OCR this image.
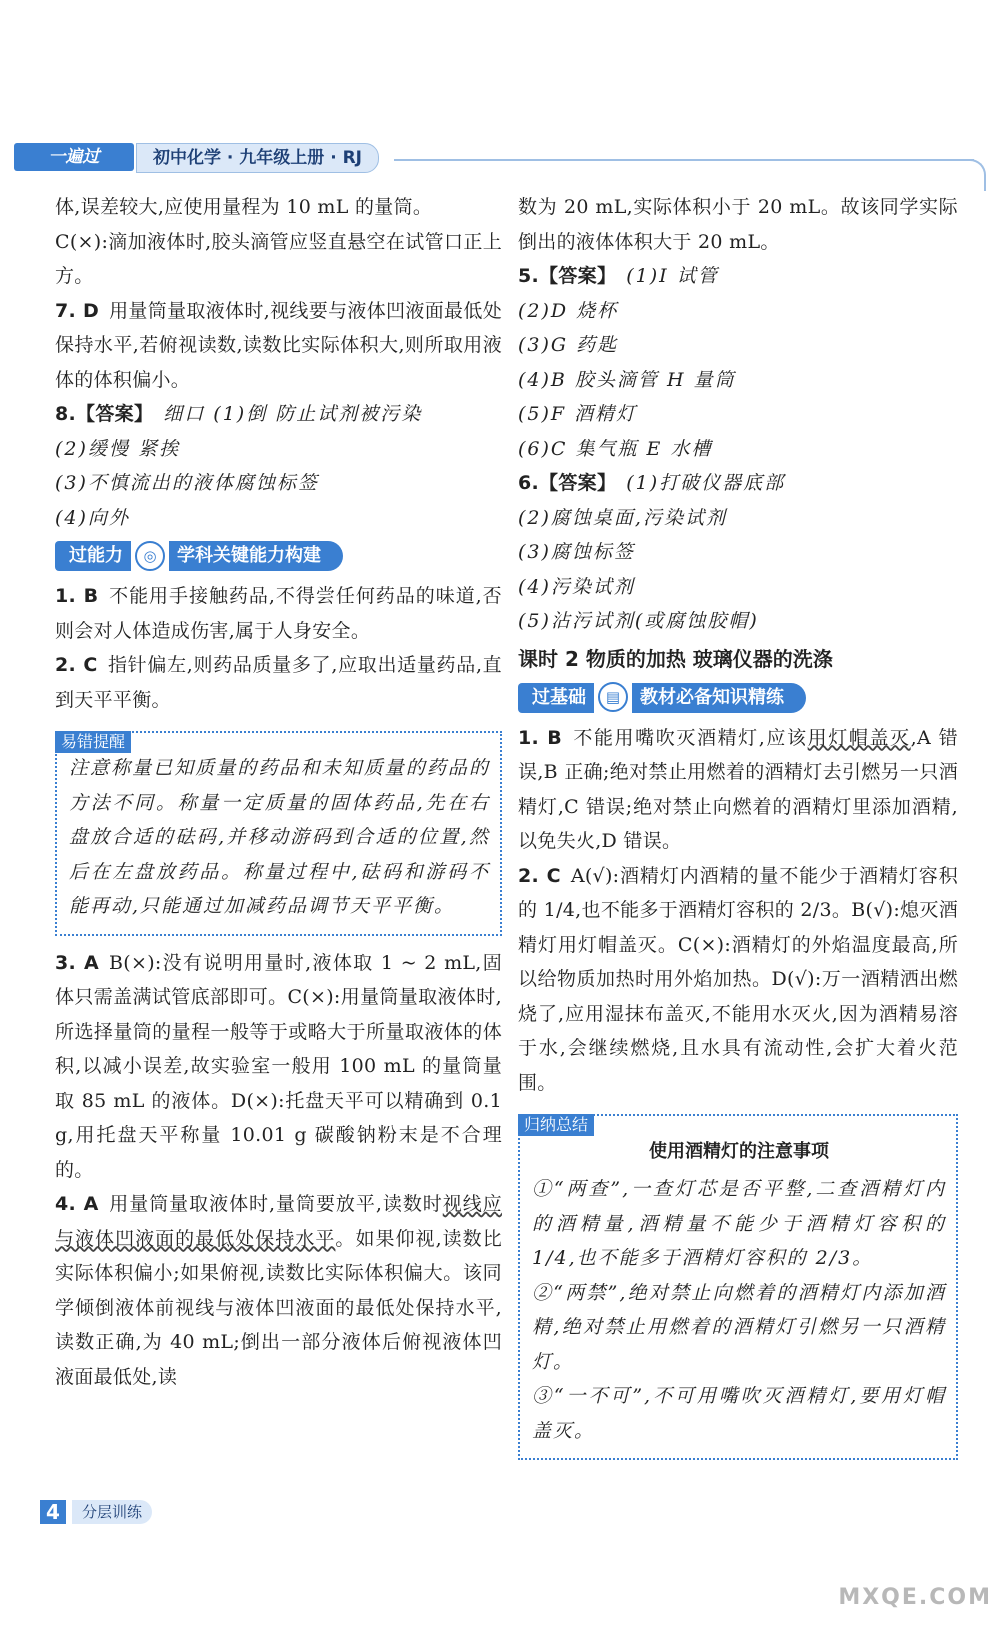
一遍过	初中化学 · 九年级上册 · RJ

体,误差较大,应使用量程为 10 mL 的量筒。

C(×):滴加液体时,胶头滴管应竖直悬空在试管口正上方。

7. D 用量筒量取液体时,视线要与液体凹液面最低处保持水平,若俯视读数,读数比实际体积大,则所取用液体的体积偏小。

8.【答案】 细口 (1)倒 防止试剂被污染

(2)缓慢 紧挨

(3)不慎流出的液体腐蚀标签

(4)向外

过能力 ◎ 学科关键能力构建

1. B 不能用手接触药品,不得尝任何药品的味道,否则会对人体造成伤害,属于人身安全。

2. C 指针偏左,则药品质量多了,应取出适量药品,直到天平平衡。

易错提醒

注意称量已知质量的药品和未知质量的药品的方法不同。称量一定质量的固体药品,先在右盘放合适的砝码,并移动游码到合适的位置,然后在左盘放药品。称量过程中,砝码和游码不能再动,只能通过加减药品调节天平平衡。

3. A B(×):没有说明用量时,液体取 1 ~ 2 mL,固体只需盖满试管底部即可。C(×):用量筒量取液体时,所选择量筒的量程一般等于或略大于所量取液体的体积,以减小误差,故实验室一般用 100 mL 的量筒量取 85 mL 的液体。D(×):托盘天平可以精确到 0.1 g,用托盘天平称量 10.01 g 碳酸钠粉末是不合理的。

4. A 用量筒量取液体时,量筒要放平,读数时视线应与液体凹液面的最低处保持水平。如果仰视,读数比实际体积偏小;如果俯视,读数比实际体积偏大。该同学倾倒液体前视线与液体凹液面的最低处保持水平,读数正确,为 40 mL;倒出一部分液体后俯视液体凹液面最低处,读

数为 20 mL,实际体积小于 20 mL。故该同学实际倒出的液体体积大于 20 mL。

5.【答案】 (1)I 试管

(2)D 烧杯

(3)G 药匙

(4)B 胶头滴管 H 量筒

(5)F 酒精灯

(6)C 集气瓶 E 水槽

6.【答案】 (1)打破仪器底部

(2)腐蚀桌面,污染试剂

(3)腐蚀标签

(4)污染试剂

(5)沾污试剂(或腐蚀胶帽)

课时 2 物质的加热 玻璃仪器的洗涤
过基础 ▤ 教材必备知识精练

1. B 不能用嘴吹灭酒精灯,应该用灯帽盖灭,A 错误,B 正确;绝对禁止用燃着的酒精灯去引燃另一只酒精灯,C 错误;绝对禁止向燃着的酒精灯里添加酒精,以免失火,D 错误。

2. C A(√):酒精灯内酒精的量不能少于酒精灯容积的 1/4,也不能多于酒精灯容积的 2/3。B(√):熄灭酒精灯用灯帽盖灭。C(×):酒精灯的外焰温度最高,所以给物质加热时用外焰加热。D(√):万一酒精洒出燃烧了,应用湿抹布盖灭,不能用水灭火,因为酒精易溶于水,会继续燃烧,且水具有流动性,会扩大着火范围。

归纳总结
使用酒精灯的注意事项

①“两查”,一查灯芯是否平整,二查酒精灯内的酒精量,酒精量不能少于酒精灯容积的 1/4,也不能多于酒精灯容积的 2/3。

②“两禁”,绝对禁止向燃着的酒精灯内添加酒精,绝对禁止用燃着的酒精灯引燃另一只酒精灯。

③“一不可”,不可用嘴吹灭酒精灯,要用灯帽盖灭。

4	分层训练
MXQE.COM
